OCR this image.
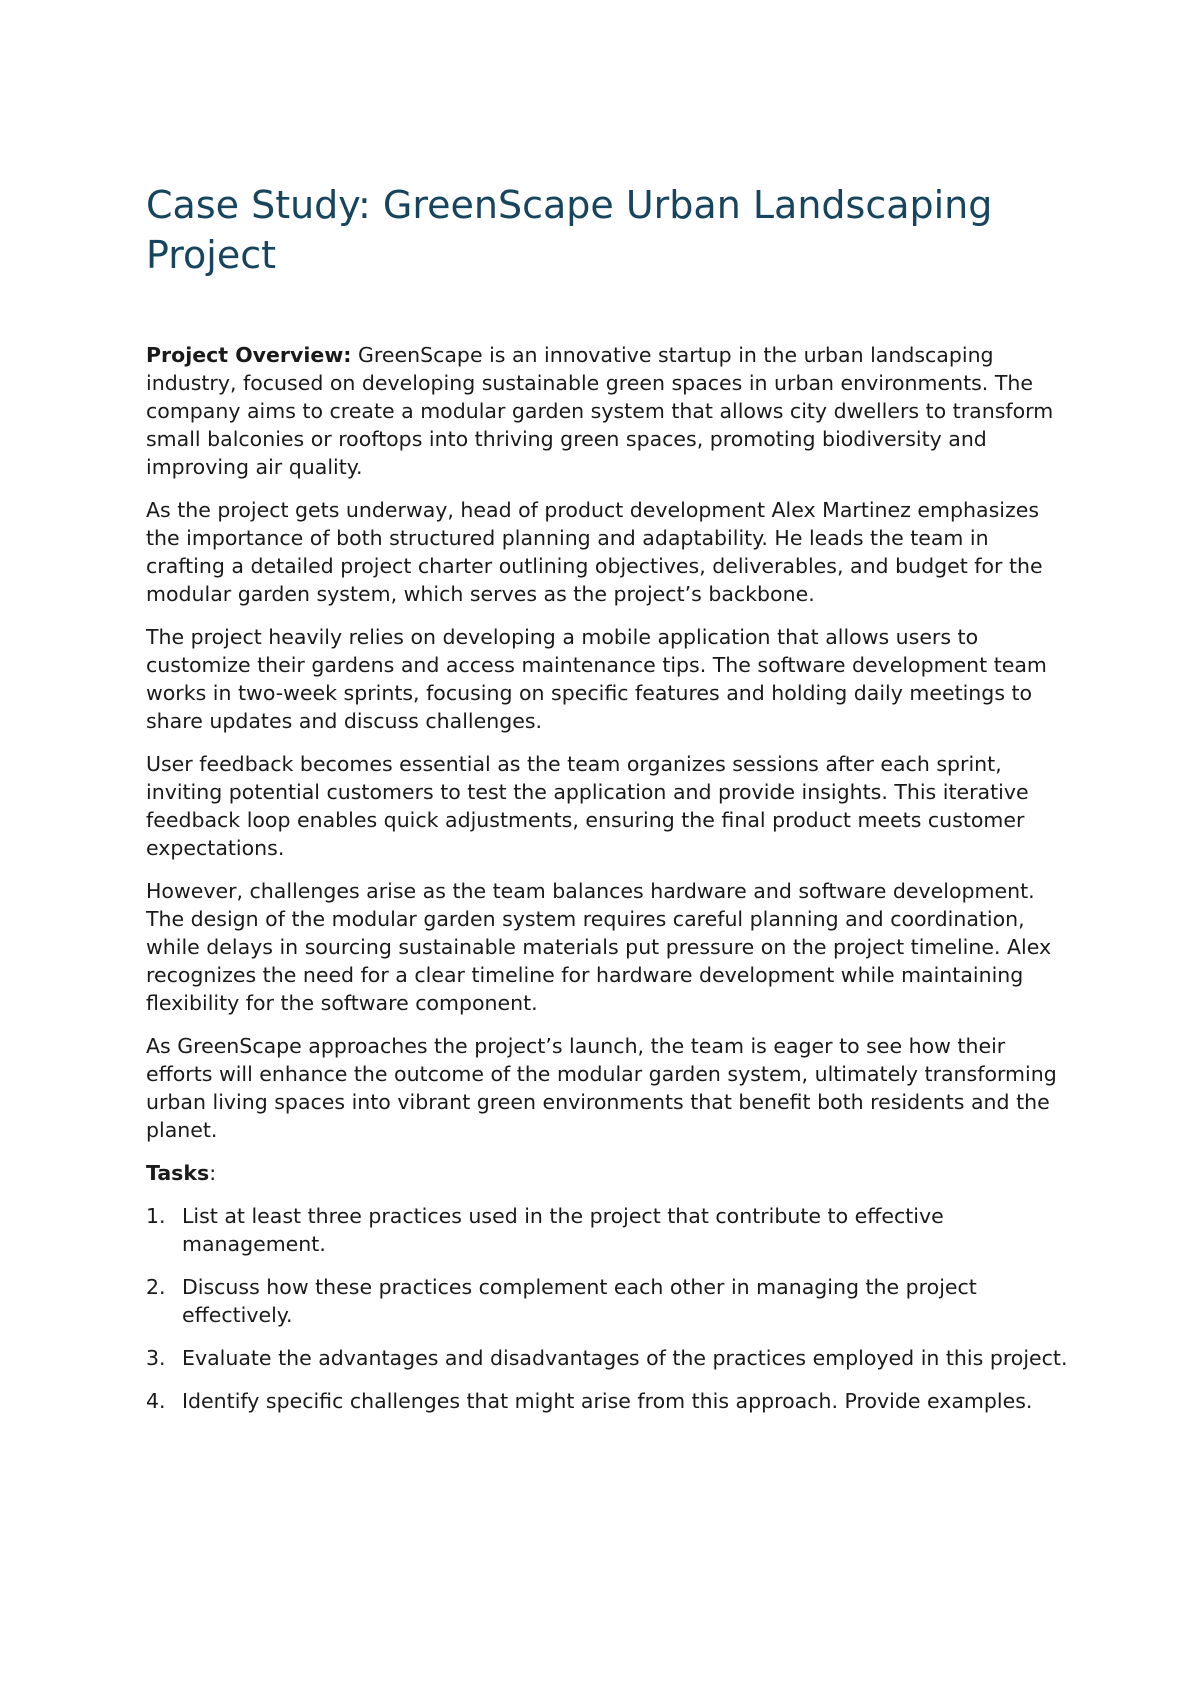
Case Study: GreenScape Urban Landscaping Project

Project Overview: GreenScape is an innovative startup in the urban landscaping industry, focused on developing sustainable green spaces in urban environments. The company aims to create a modular garden system that allows city dwellers to transform small balconies or rooftops into thriving green spaces, promoting biodiversity and improving air quality.

As the project gets underway, head of product development Alex Martinez emphasizes the importance of both structured planning and adaptability. He leads the team in crafting a detailed project charter outlining objectives, deliverables, and budget for the modular garden system, which serves as the project’s backbone.

The project heavily relies on developing a mobile application that allows users to customize their gardens and access maintenance tips. The software development team works in two-week sprints, focusing on specific features and holding daily meetings to share updates and discuss challenges.

User feedback becomes essential as the team organizes sessions after each sprint, inviting potential customers to test the application and provide insights. This iterative feedback loop enables quick adjustments, ensuring the final product meets customer expectations.

However, challenges arise as the team balances hardware and software development. The design of the modular garden system requires careful planning and coordination, while delays in sourcing sustainable materials put pressure on the project timeline. Alex recognizes the need for a clear timeline for hardware development while maintaining flexibility for the software component.

As GreenScape approaches the project’s launch, the team is eager to see how their efforts will enhance the outcome of the modular garden system, ultimately transforming urban living spaces into vibrant green environments that benefit both residents and the planet.

Tasks:

1. List at least three practices used in the project that contribute to effective management.
2. Discuss how these practices complement each other in managing the project effectively.
3. Evaluate the advantages and disadvantages of the practices employed in this project.
4. Identify specific challenges that might arise from this approach. Provide examples.
